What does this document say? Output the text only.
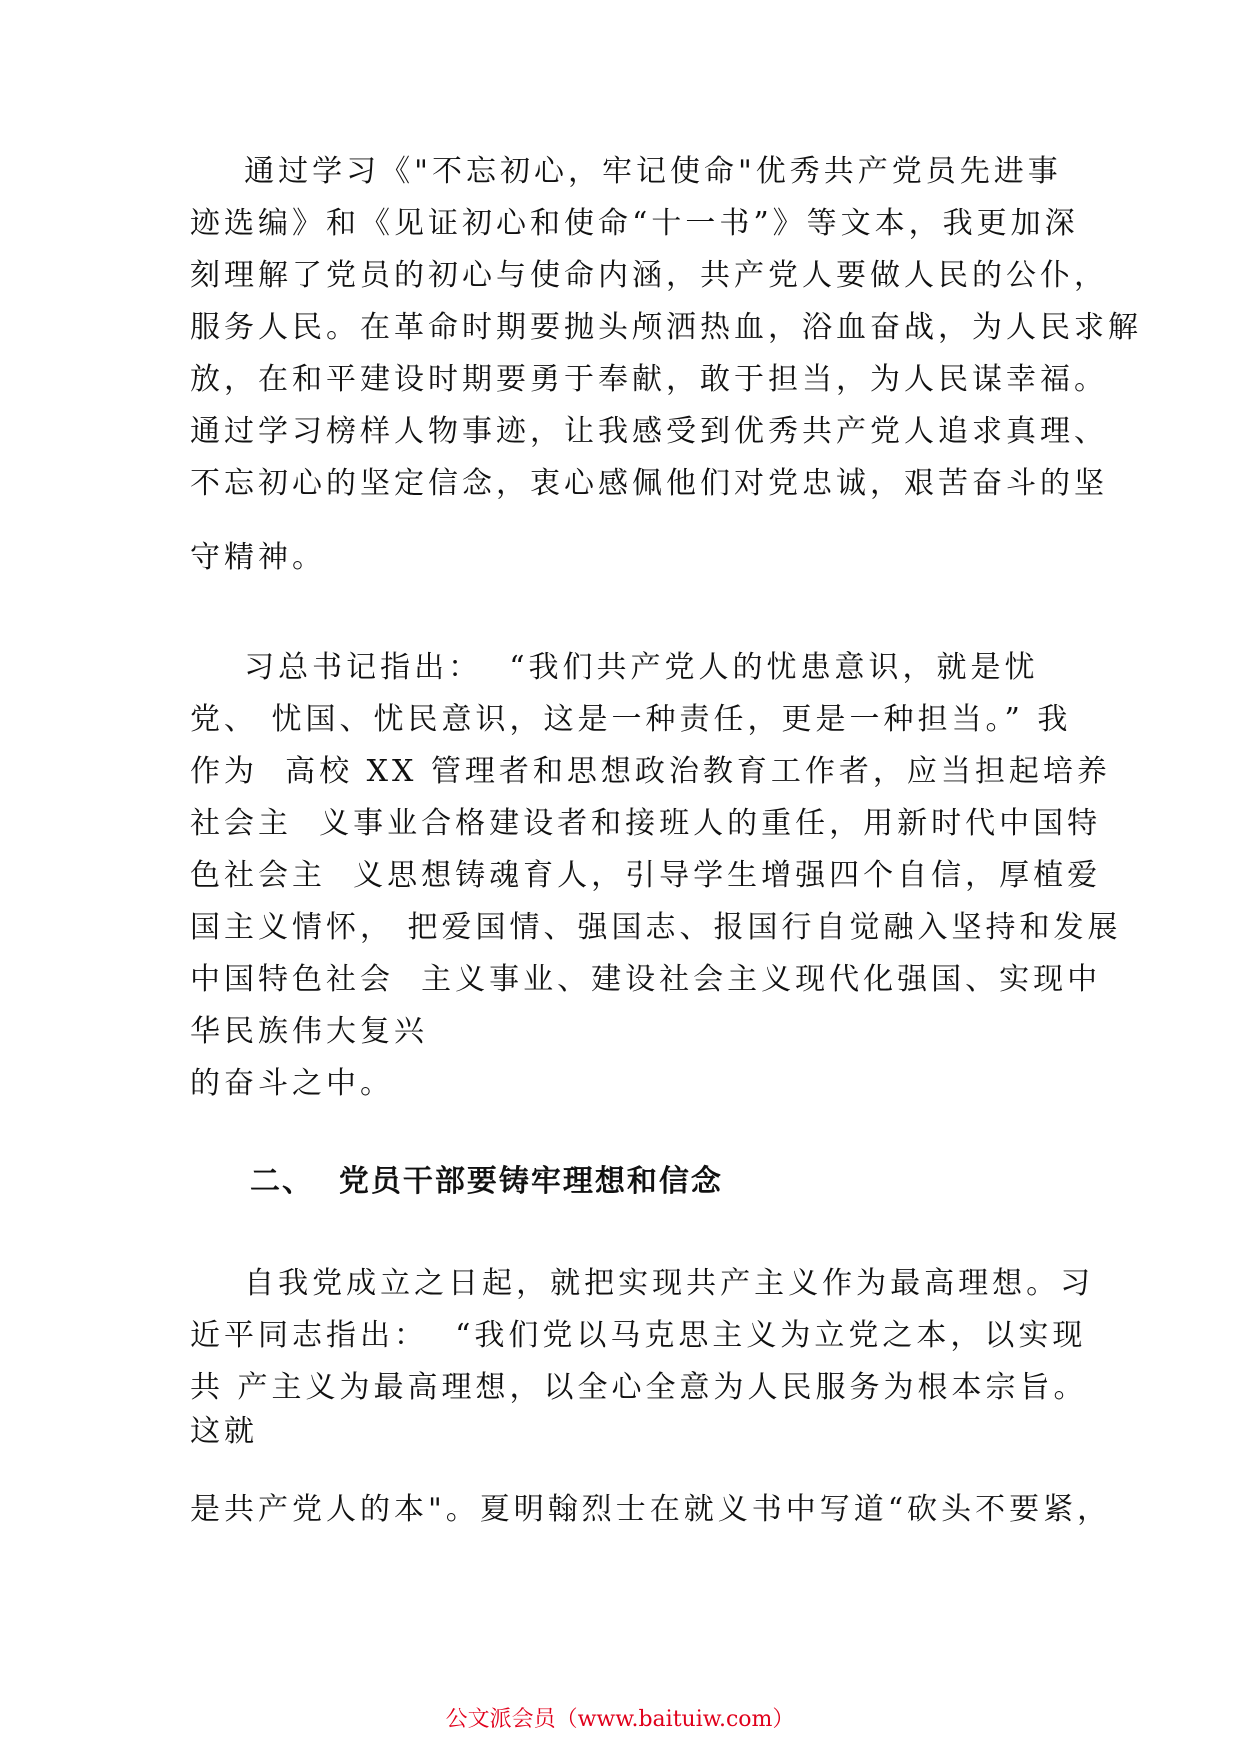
通过学习《"不忘初心，牢记使命"优秀共产党员先进事
迹选编》和《见证初心和使命“十一书”》等文本，我更加深
刻理解了党员的初心与使命内涵，共产党人要做人民的公仆，
服务人民。在革命时期要抛头颅洒热血，浴血奋战，为人民求解
放，在和平建设时期要勇于奉献，敢于担当，为人民谋幸福。
通过学习榜样人物事迹，让我感受到优秀共产党人追求真理、
不忘初心的坚定信念，衷心感佩他们对党忠诚，艰苦奋斗的坚
守精神。
习总书记指出：  “我们共产党人的忧患意识，就是忧
党、 忧国、忧民意识，这是一种责任，更是一种担当。” 我
作为  高校 XX 管理者和思想政治教育工作者，应当担起培养
社会主  义事业合格建设者和接班人的重任，用新时代中国特
色社会主  义思想铸魂育人，引导学生增强四个自信，厚植爱
国主义情怀， 把爱国情、强国志、报国行自觉融入坚持和发展
中国特色社会  主义事业、建设社会主义现代化强国、实现中
华民族伟大复兴
的奋斗之中。
二、  党员干部要铸牢理想和信念
自我党成立之日起，就把实现共产主义作为最高理想。习
近平同志指出：  “我们党以马克思主义为立党之本，以实现
共 产主义为最高理想，以全心全意为人民服务为根本宗旨。
这就
是共产党人的本"。夏明翰烈士在就义书中写道“砍头不要紧，
公文派会员（www.baituiw.com）
